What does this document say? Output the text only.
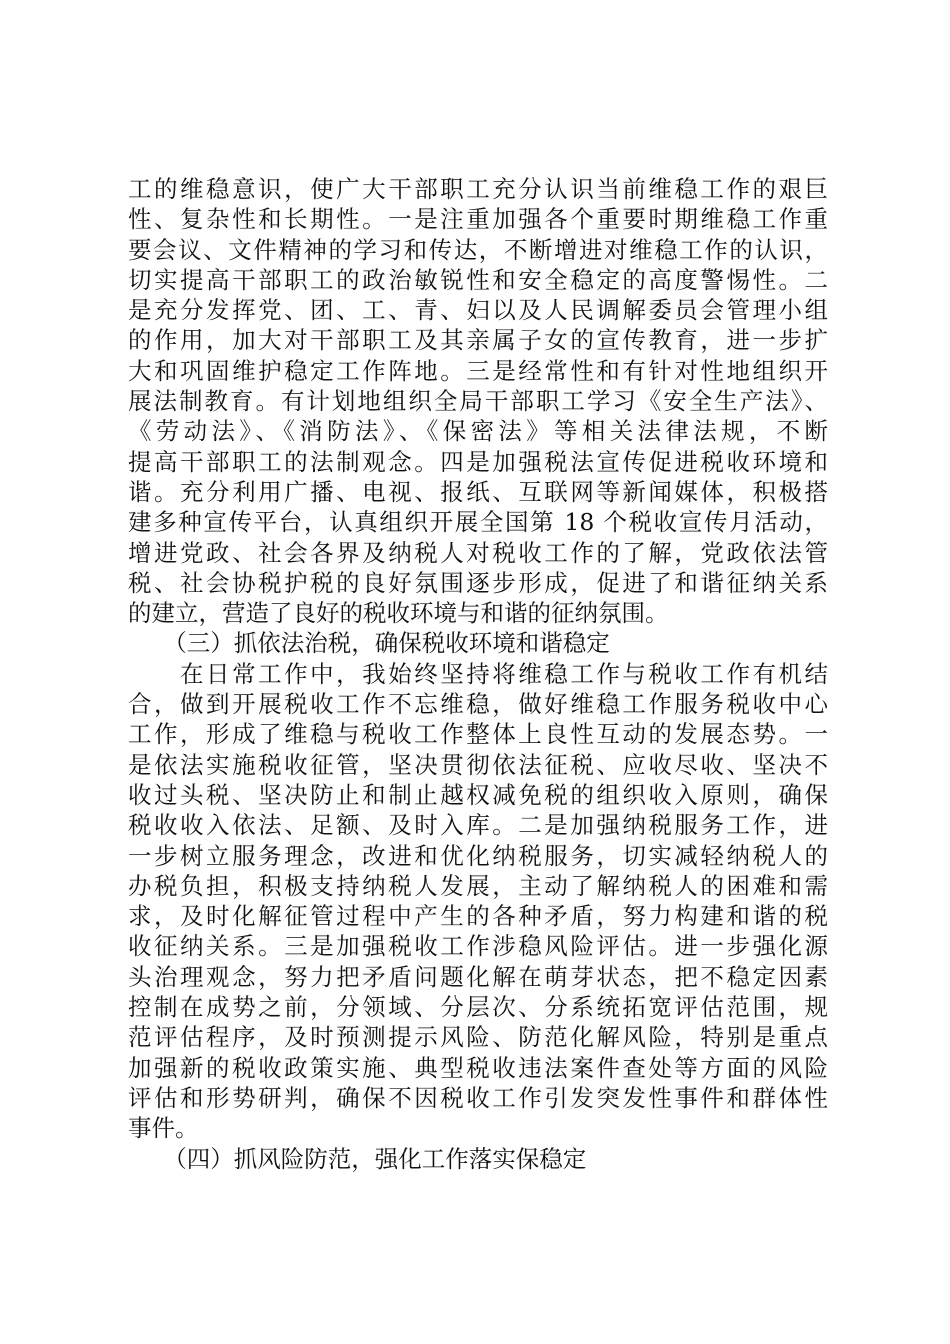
工的维稳意识，使广大干部职工充分认识当前维稳工作的艰巨
性、复杂性和长期性。一是注重加强各个重要时期维稳工作重
要会议、文件精神的学习和传达，不断增进对维稳工作的认识，
切实提高干部职工的政治敏锐性和安全稳定的高度警惕性。二
是充分发挥党、团、工、青、妇以及人民调解委员会管理小组
的作用，加大对干部职工及其亲属子女的宣传教育，进一步扩
大和巩固维护稳定工作阵地。三是经常性和有针对性地组织开
展法制教育。有计划地组织全局干部职工学习《安全生产法》、
《劳动法》、《消防法》、《保密法》等相关法律法规，不断
提高干部职工的法制观念。四是加强税法宣传促进税收环境和
谐。充分利用广播、电视、报纸、互联网等新闻媒体，积极搭
建多种宣传平台，认真组织开展全国第 18 个税收宣传月活动，
增进党政、社会各界及纳税人对税收工作的了解，党政依法管
税、社会协税护税的良好氛围逐步形成，促进了和谐征纳关系
的建立，营造了良好的税收环境与和谐的征纳氛围。
　　（三）抓依法治税，确保税收环境和谐稳定
　　在日常工作中，我始终坚持将维稳工作与税收工作有机结
合，做到开展税收工作不忘维稳，做好维稳工作服务税收中心
工作，形成了维稳与税收工作整体上良性互动的发展态势。一
是依法实施税收征管，坚决贯彻依法征税、应收尽收、坚决不
收过头税、坚决防止和制止越权减免税的组织收入原则，确保
税收收入依法、足额、及时入库。二是加强纳税服务工作，进
一步树立服务理念，改进和优化纳税服务，切实减轻纳税人的
办税负担，积极支持纳税人发展，主动了解纳税人的困难和需
求，及时化解征管过程中产生的各种矛盾，努力构建和谐的税
收征纳关系。三是加强税收工作涉稳风险评估。进一步强化源
头治理观念，努力把矛盾问题化解在萌芽状态，把不稳定因素
控制在成势之前，分领域、分层次、分系统拓宽评估范围，规
范评估程序，及时预测提示风险、防范化解风险，特别是重点
加强新的税收政策实施、典型税收违法案件查处等方面的风险
评估和形势研判，确保不因税收工作引发突发性事件和群体性
事件。
　　（四）抓风险防范，强化工作落实保稳定
